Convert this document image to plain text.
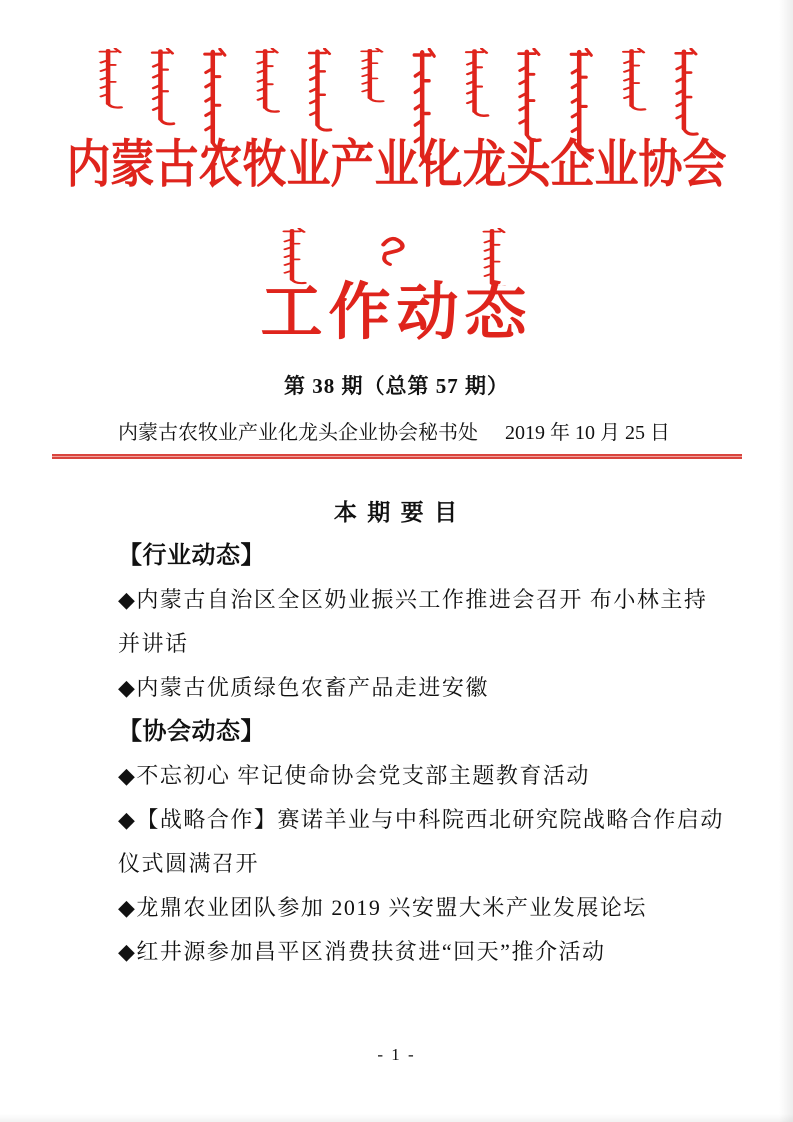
内蒙古农牧业产业化龙头企业协会
工作动态
第 38 期（总第 57 期）
内蒙古农牧业产业化龙头企业协会秘书处 2019 年 10 月 25 日
本 期 要 目
【行业动态】
◆内蒙古自治区全区奶业振兴工作推进会召开 布小林主持
并讲话
◆内蒙古优质绿色农畜产品走进安徽
【协会动态】
◆不忘初心 牢记使命协会党支部主题教育活动
◆【战略合作】赛诺羊业与中科院西北研究院战略合作启动
仪式圆满召开
◆龙鼎农业团队参加 2019 兴安盟大米产业发展论坛
◆红井源参加昌平区消费扶贫进“回天”推介活动
- 1 -
